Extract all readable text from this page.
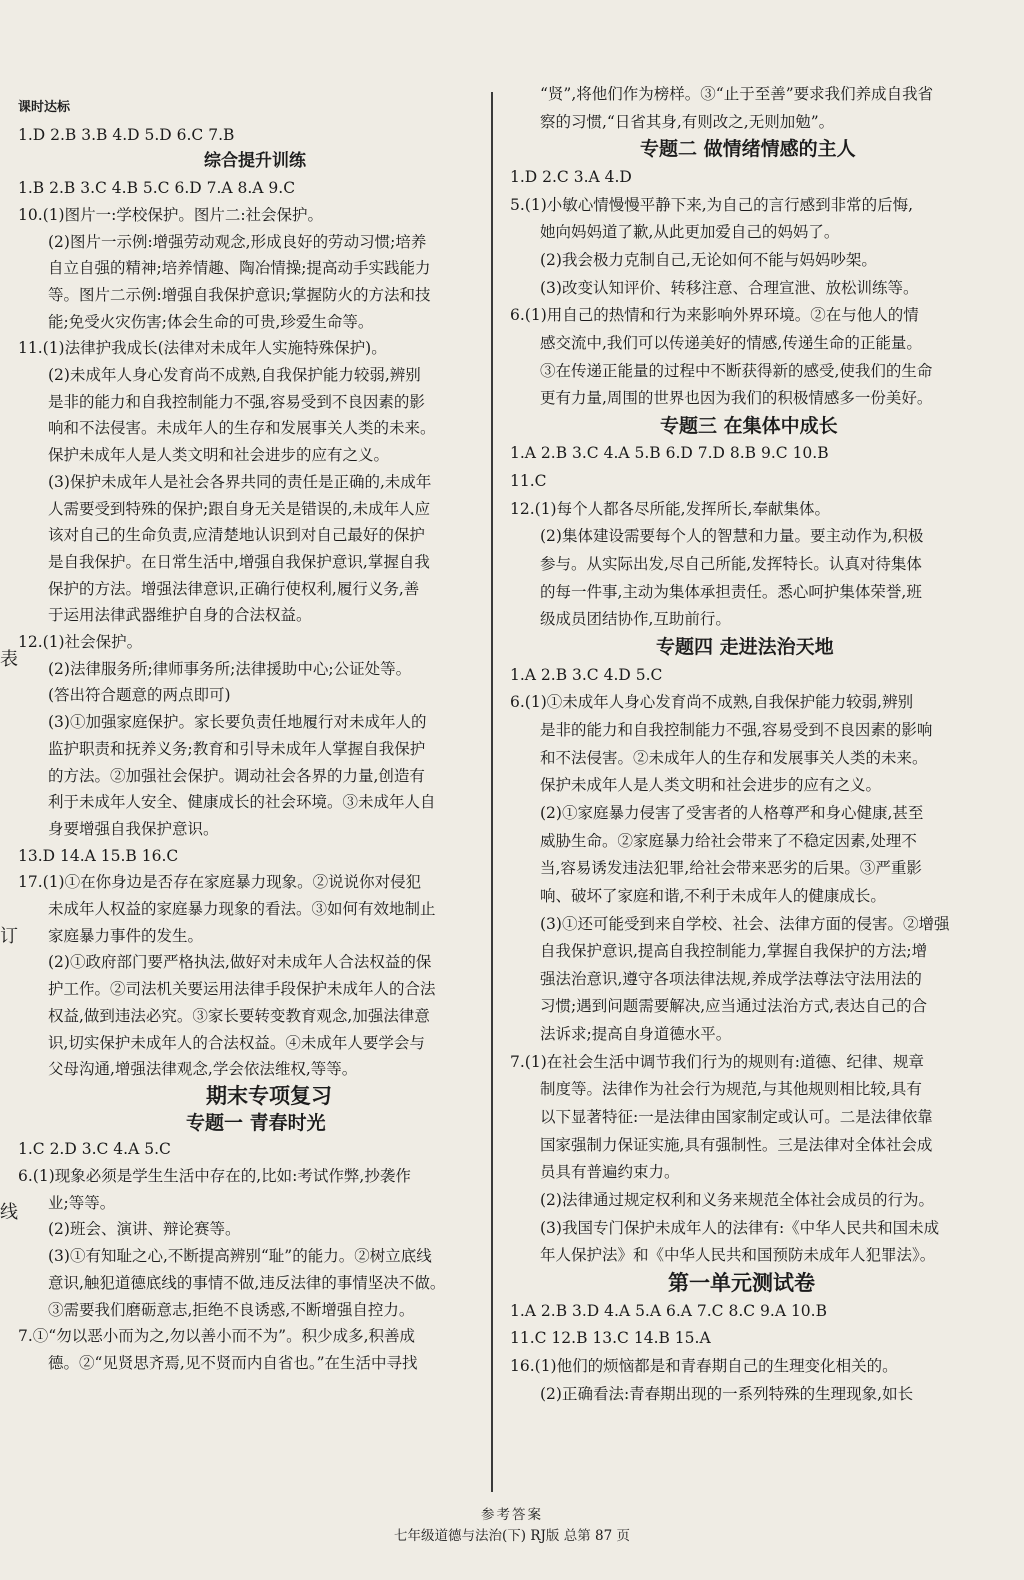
课时达标
1.D 2.B 3.B 4.D 5.D 6.C 7.B
综合提升训练
1.B 2.B 3.C 4.B 5.C 6.D 7.A 8.A 9.C
10.(1)图片一:学校保护。图片二:社会保护。
(2)图片一示例:增强劳动观念,形成良好的劳动习惯;培养
自立自强的精神;培养情趣、陶冶情操;提高动手实践能力
等。图片二示例:增强自我保护意识;掌握防火的方法和技
能;免受火灾伤害;体会生命的可贵,珍爱生命等。
11.(1)法律护我成长(法律对未成年人实施特殊保护)。
(2)未成年人身心发育尚不成熟,自我保护能力较弱,辨别
是非的能力和自我控制能力不强,容易受到不良因素的影
响和不法侵害。未成年人的生存和发展事关人类的未来。
保护未成年人是人类文明和社会进步的应有之义。
(3)保护未成年人是社会各界共同的责任是正确的,未成年
人需要受到特殊的保护;跟自身无关是错误的,未成年人应
该对自己的生命负责,应清楚地认识到对自己最好的保护
是自我保护。在日常生活中,增强自我保护意识,掌握自我
保护的方法。增强法律意识,正确行使权利,履行义务,善
于运用法律武器维护自身的合法权益。
12.(1)社会保护。
(2)法律服务所;律师事务所;法律援助中心;公证处等。
(答出符合题意的两点即可)
(3)①加强家庭保护。家长要负责任地履行对未成年人的
监护职责和抚养义务;教育和引导未成年人掌握自我保护
的方法。②加强社会保护。调动社会各界的力量,创造有
利于未成年人安全、健康成长的社会环境。③未成年人自
身要增强自我保护意识。
13.D 14.A 15.B 16.C
17.(1)①在你身边是否存在家庭暴力现象。②说说你对侵犯
未成年人权益的家庭暴力现象的看法。③如何有效地制止
家庭暴力事件的发生。
(2)①政府部门要严格执法,做好对未成年人合法权益的保
护工作。②司法机关要运用法律手段保护未成年人的合法
权益,做到违法必究。③家长要转变教育观念,加强法律意
识,切实保护未成年人的合法权益。④未成年人要学会与
父母沟通,增强法律观念,学会依法维权,等等。
期末专项复习
专题一 青春时光
1.C 2.D 3.C 4.A 5.C
6.(1)现象必须是学生生活中存在的,比如:考试作弊,抄袭作
业;等等。
(2)班会、演讲、辩论赛等。
(3)①有知耻之心,不断提高辨别“耻”的能力。②树立底线
意识,触犯道德底线的事情不做,违反法律的事情坚决不做。
③需要我们磨砺意志,拒绝不良诱惑,不断增强自控力。
7.①“勿以恶小而为之,勿以善小而不为”。积少成多,积善成
德。②“见贤思齐焉,见不贤而内自省也。”在生活中寻找
“贤”,将他们作为榜样。③“止于至善”要求我们养成自我省
察的习惯,“日省其身,有则改之,无则加勉”。
专题二 做情绪情感的主人
1.D 2.C 3.A 4.D
5.(1)小敏心情慢慢平静下来,为自己的言行感到非常的后悔,
她向妈妈道了歉,从此更加爱自己的妈妈了。
(2)我会极力克制自己,无论如何不能与妈妈吵架。
(3)改变认知评价、转移注意、合理宣泄、放松训练等。
6.(1)用自己的热情和行为来影响外界环境。②在与他人的情
感交流中,我们可以传递美好的情感,传递生命的正能量。
③在传递正能量的过程中不断获得新的感受,使我们的生命
更有力量,周围的世界也因为我们的积极情感多一份美好。
专题三 在集体中成长
1.A 2.B 3.C 4.A 5.B 6.D 7.D 8.B 9.C 10.B
11.C
12.(1)每个人都各尽所能,发挥所长,奉献集体。
(2)集体建设需要每个人的智慧和力量。要主动作为,积极
参与。从实际出发,尽自己所能,发挥特长。认真对待集体
的每一件事,主动为集体承担责任。悉心呵护集体荣誉,班
级成员团结协作,互助前行。
专题四 走进法治天地
1.A 2.B 3.C 4.D 5.C
6.(1)①未成年人身心发育尚不成熟,自我保护能力较弱,辨别
是非的能力和自我控制能力不强,容易受到不良因素的影响
和不法侵害。②未成年人的生存和发展事关人类的未来。
保护未成年人是人类文明和社会进步的应有之义。
(2)①家庭暴力侵害了受害者的人格尊严和身心健康,甚至
威胁生命。②家庭暴力给社会带来了不稳定因素,处理不
当,容易诱发违法犯罪,给社会带来恶劣的后果。③严重影
响、破坏了家庭和谐,不利于未成年人的健康成长。
(3)①还可能受到来自学校、社会、法律方面的侵害。②增强
自我保护意识,提高自我控制能力,掌握自我保护的方法;增
强法治意识,遵守各项法律法规,养成学法尊法守法用法的
习惯;遇到问题需要解决,应当通过法治方式,表达自己的合
法诉求;提高自身道德水平。
7.(1)在社会生活中调节我们行为的规则有:道德、纪律、规章
制度等。法律作为社会行为规范,与其他规则相比较,具有
以下显著特征:一是法律由国家制定或认可。二是法律依靠
国家强制力保证实施,具有强制性。三是法律对全体社会成
员具有普遍约束力。
(2)法律通过规定权利和义务来规范全体社会成员的行为。
(3)我国专门保护未成年人的法律有:《中华人民共和国未成
年人保护法》和《中华人民共和国预防未成年人犯罪法》。
第一单元测试卷
1.A 2.B 3.D 4.A 5.A 6.A 7.C 8.C 9.A 10.B
11.C 12.B 13.C 14.B 15.A
16.(1)他们的烦恼都是和青春期自己的生理变化相关的。
(2)正确看法:青春期出现的一系列特殊的生理现象,如长
表
订
线
参考答案
七年级道德与法治(下) RJ版 总第 87 页
